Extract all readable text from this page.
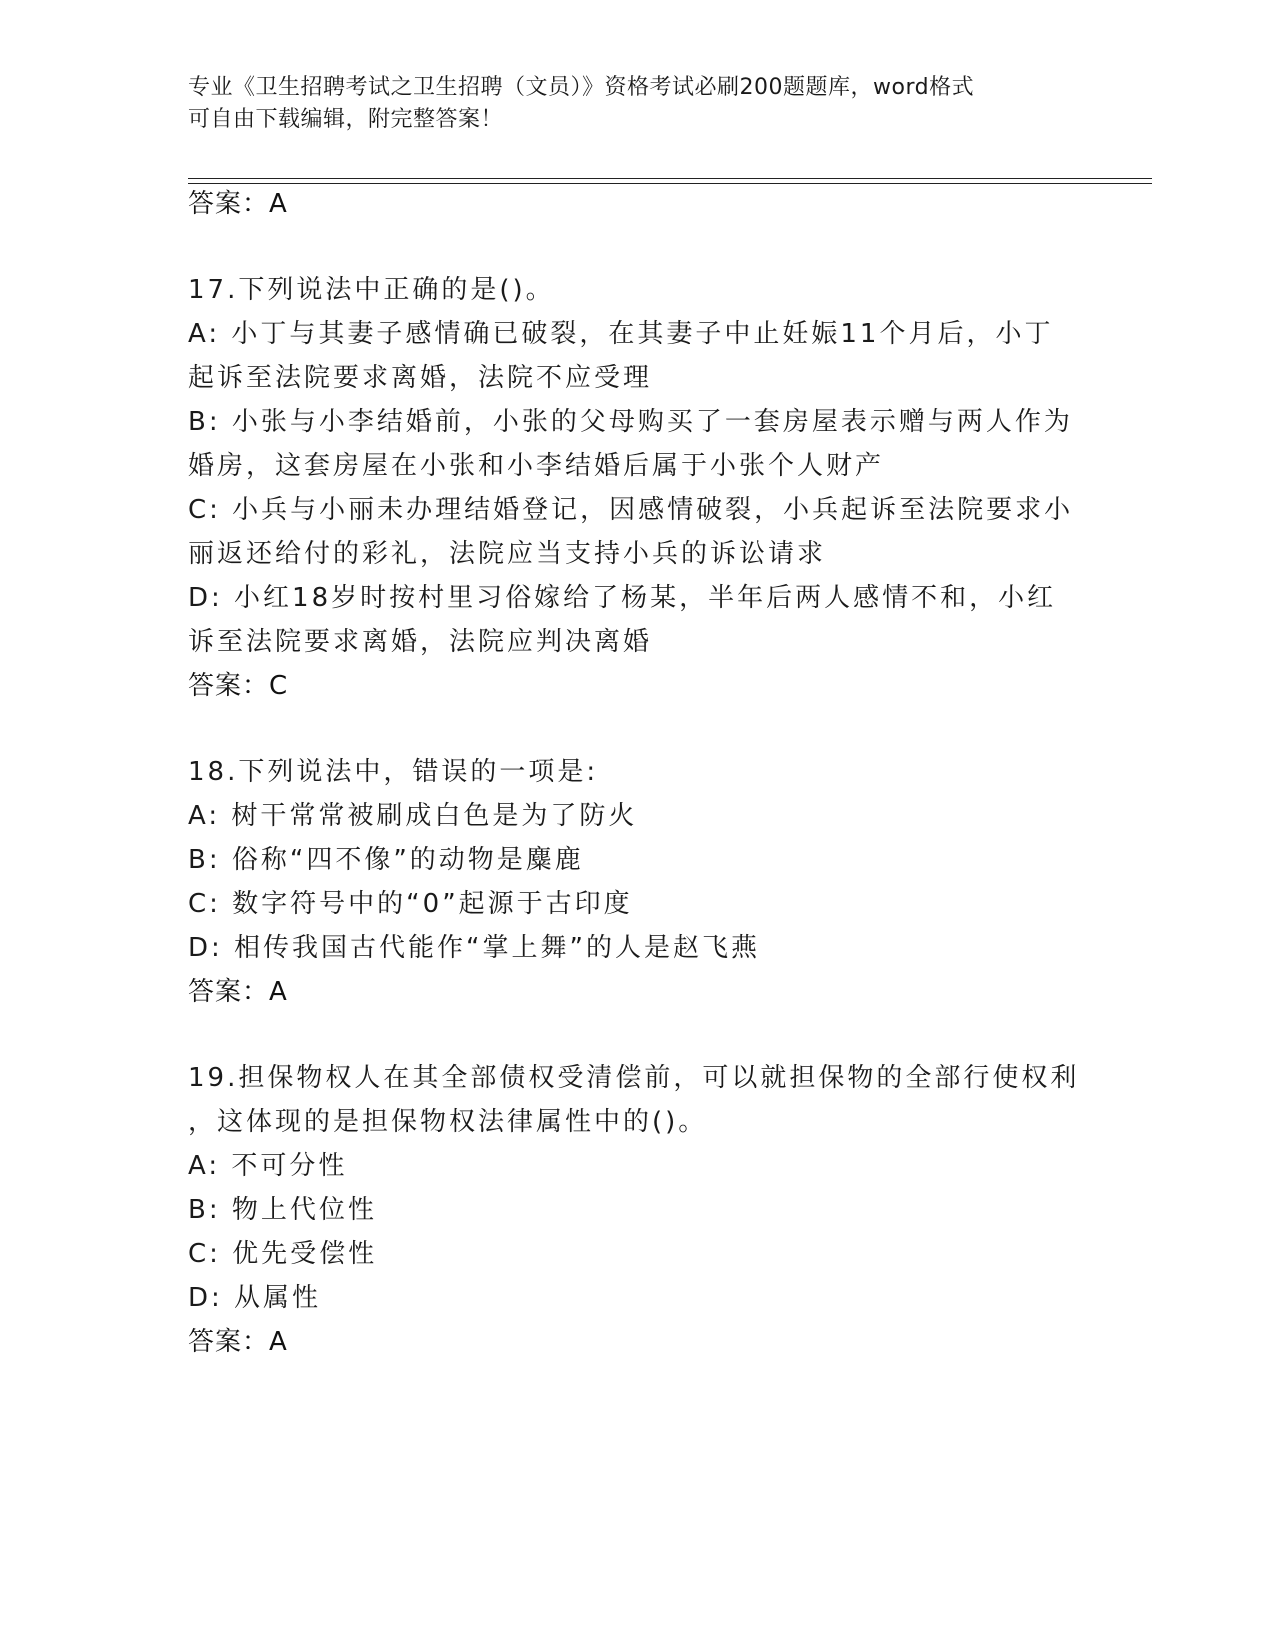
专业《卫生招聘考试之卫生招聘（文员）》资格考试必刷200题题库，word格式
可自由下载编辑，附完整答案！
答案：A
17.下列说法中正确的是()。
A: 小丁与其妻子感情确已破裂，在其妻子中止妊娠11个月后，小丁
起诉至法院要求离婚，法院不应受理
B: 小张与小李结婚前，小张的父母购买了一套房屋表示赠与两人作为
婚房，这套房屋在小张和小李结婚后属于小张个人财产
C: 小兵与小丽未办理结婚登记，因感情破裂，小兵起诉至法院要求小
丽返还给付的彩礼，法院应当支持小兵的诉讼请求
D: 小红18岁时按村里习俗嫁给了杨某，半年后两人感情不和，小红
诉至法院要求离婚，法院应判决离婚
答案：C
18.下列说法中，错误的一项是:
A: 树干常常被刷成白色是为了防火
B: 俗称“四不像”的动物是麋鹿
C: 数字符号中的“0”起源于古印度
D: 相传我国古代能作“掌上舞”的人是赵飞燕
答案：A
19.担保物权人在其全部债权受清偿前，可以就担保物的全部行使权利
，这体现的是担保物权法律属性中的()。
A: 不可分性
B: 物上代位性
C: 优先受偿性
D: 从属性
答案：A
